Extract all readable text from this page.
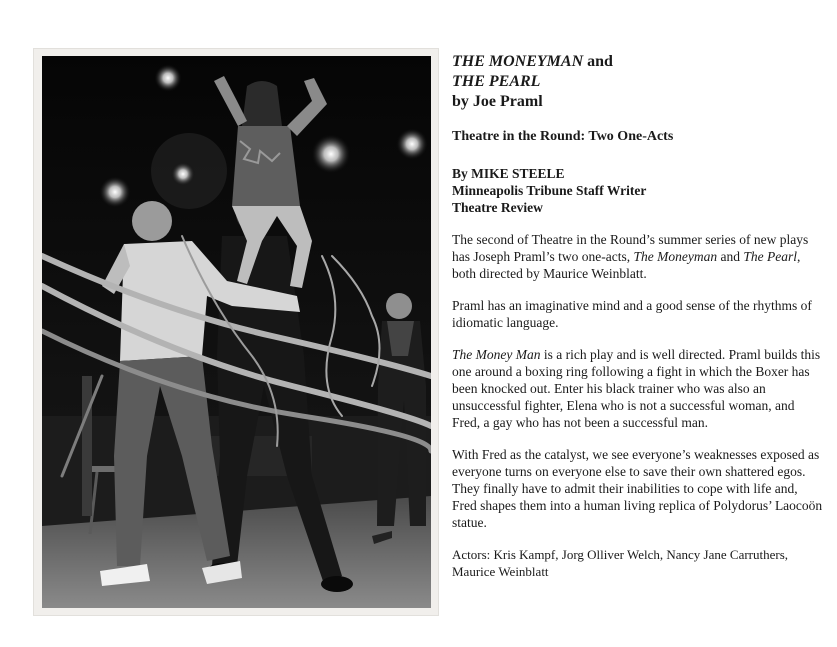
THE MONEYMAN and
THE PEARL
by Joe Praml
Theatre in the Round: Two One-Acts
By MIKE STEELE
Minneapolis Tribune Staff Writer
Theatre Review

The second of Theatre in the Round’s summer series of new plays has Joseph Praml’s two one-acts, The Moneyman and The Pearl, both directed by Maurice Weinblatt.

Praml has an imaginative mind and a good sense of the rhythms of idiomatic language.

The Money Man is a rich play and is well directed. Praml builds this one around a boxing ring following a fight in which the Boxer has been knocked out. Enter his black trainer who was also an unsuccessful fighter, Elena who is not a successful woman, and Fred, a gay who has not been a successful man.

With Fred as the catalyst, we see everyone’s weaknesses exposed as everyone turns on everyone else to save their own shattered egos. They finally have to admit their inabilities to cope with life and, Fred shapes them into a human living replica of Polydorus’ Laocoön statue.

Actors: Kris Kampf, Jorg Olliver Welch, Nancy Jane Carruthers, Maurice Weinblatt
